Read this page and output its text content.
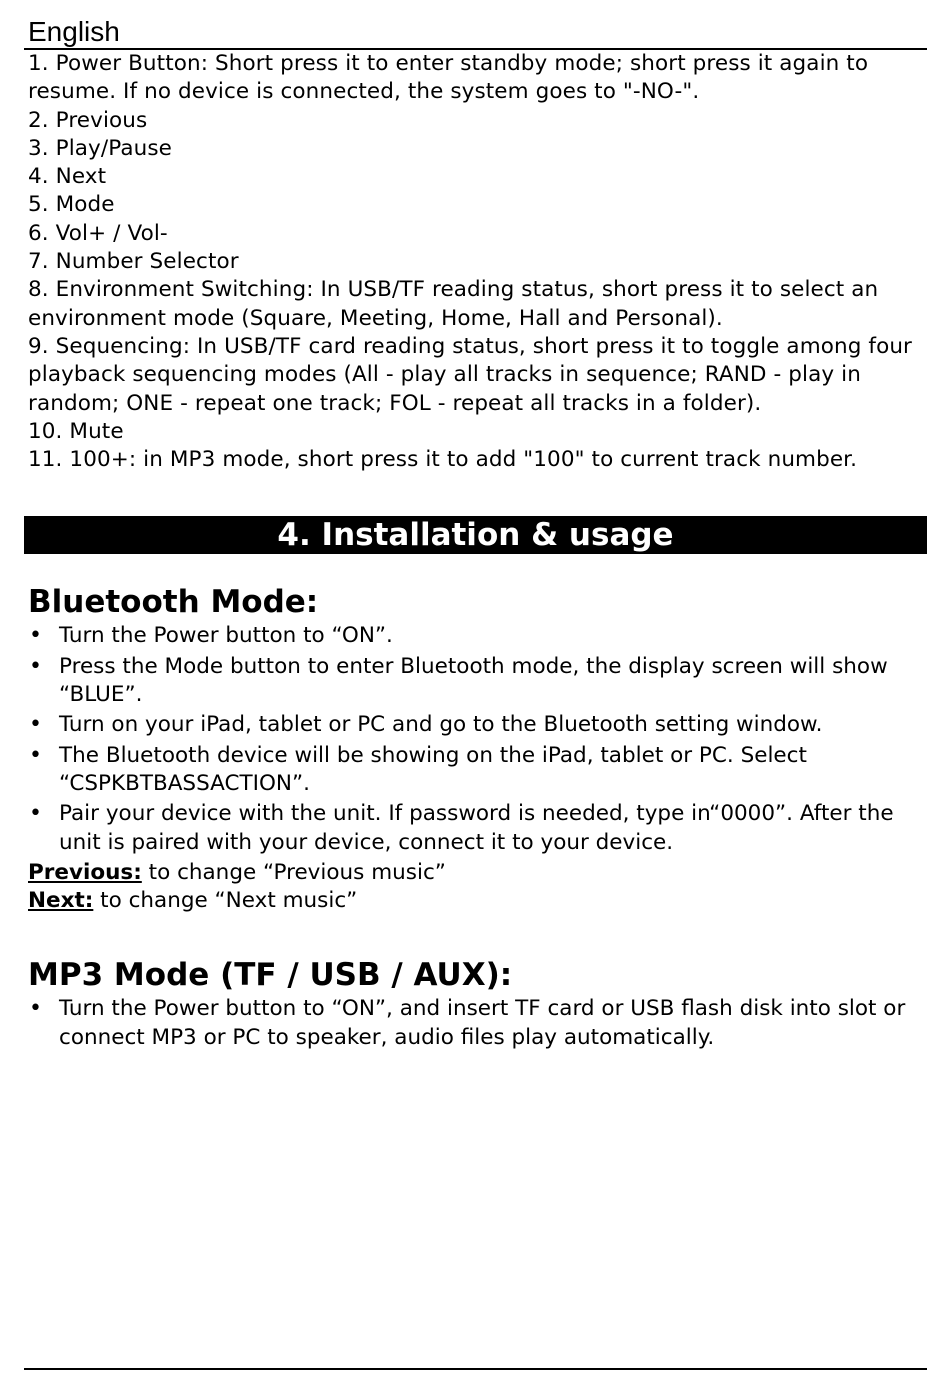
English
1. Power Button: Short press it to enter standby mode; short press it again to resume. If no device is connected, the system goes to "-NO-".
2. Previous
3. Play/Pause
4. Next
5. Mode
6. Vol+ / Vol-
7. Number Selector
8. Environment Switching: In USB/TF reading status, short press it to select an environment mode (Square, Meeting, Home, Hall and Personal).
9. Sequencing: In USB/TF card reading status, short press it to toggle among four playback sequencing modes (All - play all tracks in sequence; RAND - play in random; ONE - repeat one track; FOL - repeat all tracks in a folder).
10. Mute
11. 100+: in MP3 mode, short press it to add "100" to current track number.
4. Installation & usage
Bluetooth Mode:
• Turn the Power button to “ON”.
• Press the Mode button to enter Bluetooth mode, the display screen will show “BLUE”.
• Turn on your iPad, tablet or PC and go to the Bluetooth setting window.
• The Bluetooth device will be showing on the iPad, tablet or PC. Select “CSPKBTBASSACTION”.
• Pair your device with the unit. If password is needed, type in“0000”. After the unit is paired with your device, connect it to your device.
Previous: to change “Previous music”
Next: to change “Next music”
MP3 Mode (TF / USB / AUX):
• Turn the Power button to “ON”, and insert TF card or USB flash disk into slot or connect MP3 or PC to speaker, audio files play automatically.
